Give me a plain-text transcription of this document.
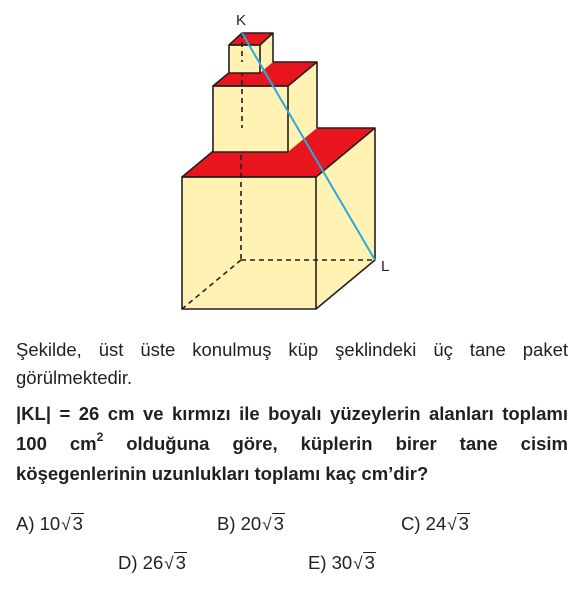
K
L

Şekilde, üst üste konulmuş küp şeklindeki üç tane paket görülmektedir.

|KL| = 26 cm ve kırmızı ile boyalı yüzeylerin alanları toplamı 100 $cm^2$ olduğuna göre, küplerin birer tane cisim köşegenlerinin uzunlukları toplamı kaç cm’dir?

A) 10√ 3	B) 20√ 3	C) 24√ 3
D) 26√ 3	E) 30√ 3
